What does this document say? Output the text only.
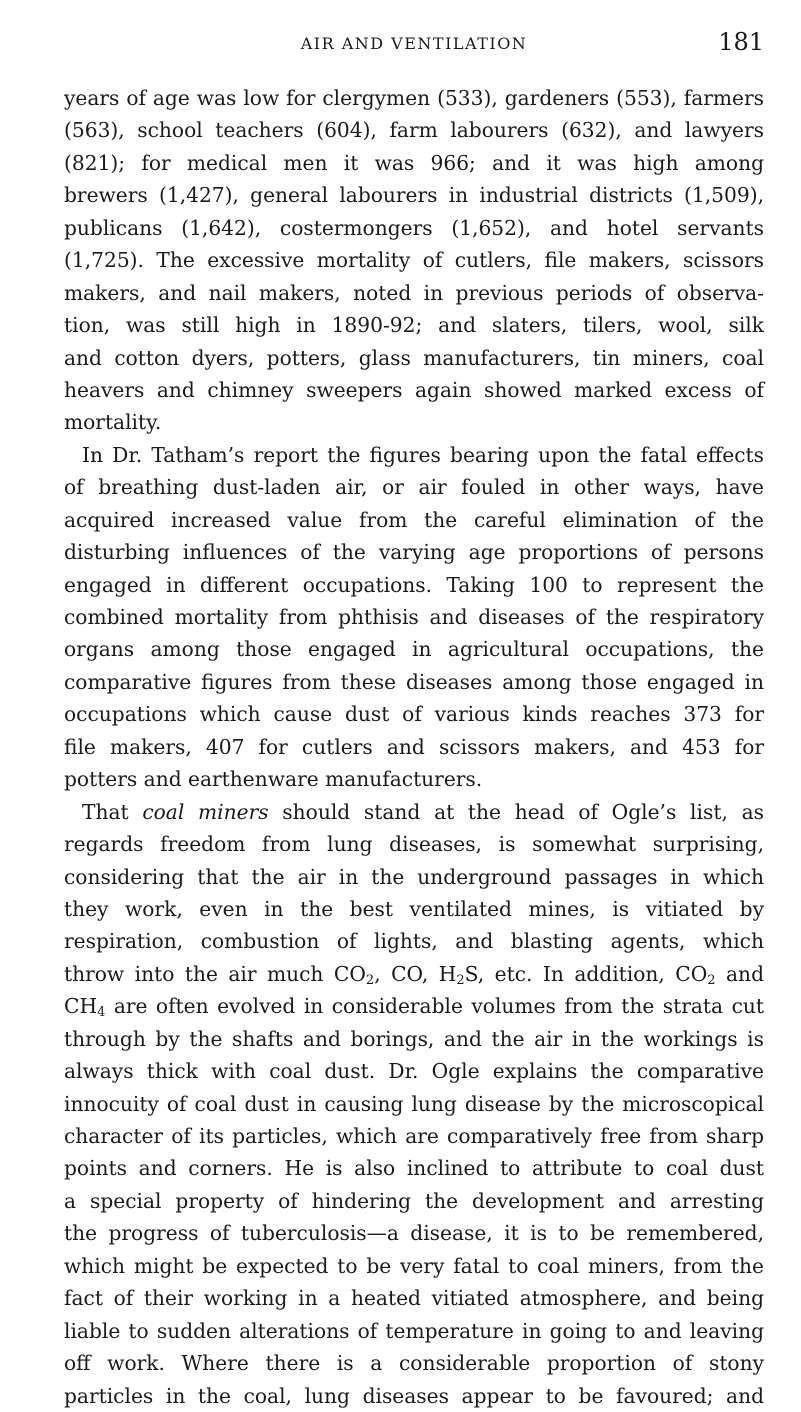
AIR AND VENTILATION	181

years of age was low for clergymen (533), gardeners (553), farmers
(563), school teachers (604), farm labourers (632), and lawyers
(821); for medical men it was 966; and it was high among
brewers (1,427), general labourers in industrial districts (1,509),
publicans (1,642), costermongers (1,652), and hotel servants
(1,725). The excessive mortality of cutlers, file makers, scissors
makers, and nail makers, noted in previous periods of observa-
tion, was still high in 1890-92; and slaters, tilers, wool, silk
and cotton dyers, potters, glass manufacturers, tin miners, coal
heavers and chimney sweepers again showed marked excess of
mortality.

In Dr. Tatham’s report the figures bearing upon the fatal effects
of breathing dust-laden air, or air fouled in other ways, have
acquired increased value from the careful elimination of the
disturbing influences of the varying age proportions of persons
engaged in different occupations. Taking 100 to represent the
combined mortality from phthisis and diseases of the respiratory
organs among those engaged in agricultural occupations, the
comparative figures from these diseases among those engaged in
occupations which cause dust of various kinds reaches 373 for
file makers, 407 for cutlers and scissors makers, and 453 for
potters and earthenware manufacturers.

That coal miners should stand at the head of Ogle’s list, as
regards freedom from lung diseases, is somewhat surprising,
considering that the air in the underground passages in which
they work, even in the best ventilated mines, is vitiated by
respiration, combustion of lights, and blasting agents, which
throw into the air much $CO_2$, CO, $H_2S$, etc. In addition, $CO_2$ and
$CH_4$ are often evolved in considerable volumes from the strata cut
through by the shafts and borings, and the air in the workings is
always thick with coal dust. Dr. Ogle explains the comparative
innocuity of coal dust in causing lung disease by the microscopical
character of its particles, which are comparatively free from sharp
points and corners. He is also inclined to attribute to coal dust
a special property of hindering the development and arresting
the progress of tuberculosis—a disease, it is to be remembered,
which might be expected to be very fatal to coal miners, from the
fact of their working in a heated vitiated atmosphere, and being
liable to sudden alterations of temperature in going to and leaving
off work. Where there is a considerable proportion of stony
particles in the coal, lung diseases appear to be favoured; and
